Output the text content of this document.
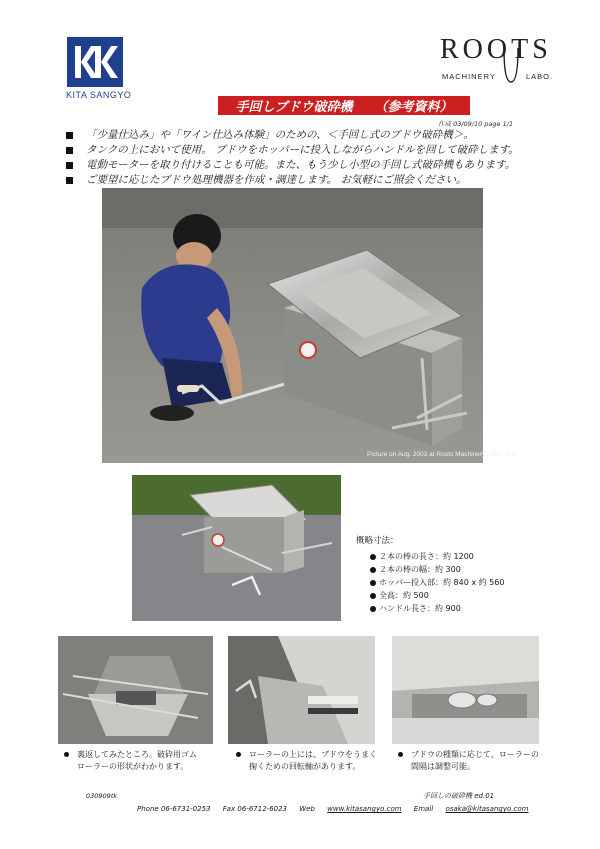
KITA SANGYO
ROOTS
MACHINERY	LABO.
手回しブドウ破砕機 （参考資料）
作成 03/09/10 page 1/1
「少量仕込み」や「ワイン仕込み体験」のための、＜手回し式のブドウ破砕機＞。
タンクの上において使用。 ブドウをホッパーに投入しながらハンドルを回して破砕します。
電動モーターを取り付けることも可能。また、もう少し小型の手回し式破砕機もあります。
ご要望に応じたブドウ処理機器を作成・調達します。 お気軽にご照会ください。
Picture on Aug. 2003 at Roots Machinery Labs., Inc.
概略寸法：
２本の棒の長さ：約 1200
２本の棒の幅：約 300
ホッパー投入部：約 840 x 約 560
全高：約 500
ハンドル長さ：約 900
裏返してみたところ。破砕用ゴム
ローラーの形状がわかります。
ローラーの上には、ブドウをうまく
掬くための回転軸があります。
ブドウの種類に応じて、ローラーの
間隔は調整可能。
030909tk	手回しの破砕機 ed.01
Phone 06-6731-0253 Fax 06-6712-6023 Web www.kitasangyo.com Email osaka@kitasangyo.com
